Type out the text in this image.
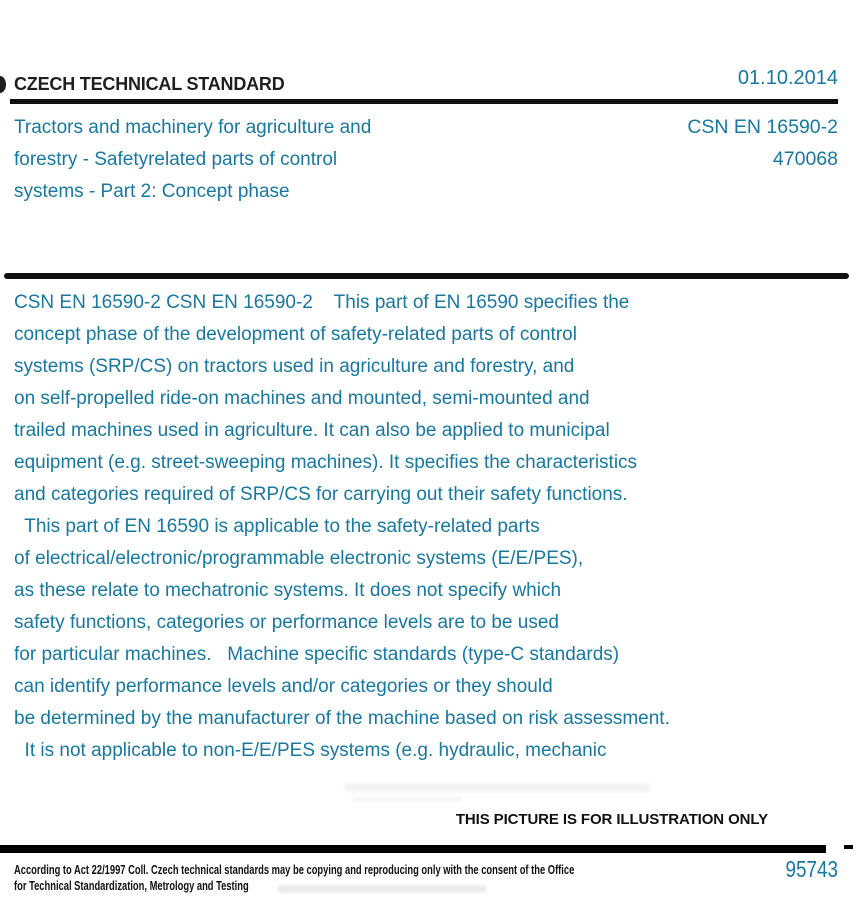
CZECH TECHNICAL STANDARD	01.10.2014
Tractors and machinery for agriculture and
forestry - Safetyrelated parts of control
systems - Part 2: Concept phase
CSN EN 16590-2
470068
CSN EN 16590-2 CSN EN 16590-2    This part of EN 16590 specifies the
concept phase of the development of safety-related parts of control
systems (SRP/CS) on tractors used in agriculture and forestry, and
on self-propelled ride-on machines and mounted, semi-mounted and
trailed machines used in agriculture. It can also be applied to municipal
equipment (e.g. street-sweeping machines). It specifies the characteristics
and categories required of SRP/CS for carrying out their safety functions.
This part of EN 16590 is applicable to the safety-related parts
of electrical/electronic/programmable electronic systems (E/E/PES),
as these relate to mechatronic systems. It does not specify which
safety functions, categories or performance levels are to be used
for particular machines.   Machine specific standards (type-C standards)
can identify performance levels and/or categories or they should
be determined by the manufacturer of the machine based on risk assessment.
It is not applicable to non-E/E/PES systems (e.g. hydraulic, mechanic
THIS PICTURE IS FOR ILLUSTRATION ONLY
According to Act 22/1997 Coll. Czech technical standards may be copying and reproducing only with the consent of the Office
for Technical Standardization, Metrology and Testing
95743
